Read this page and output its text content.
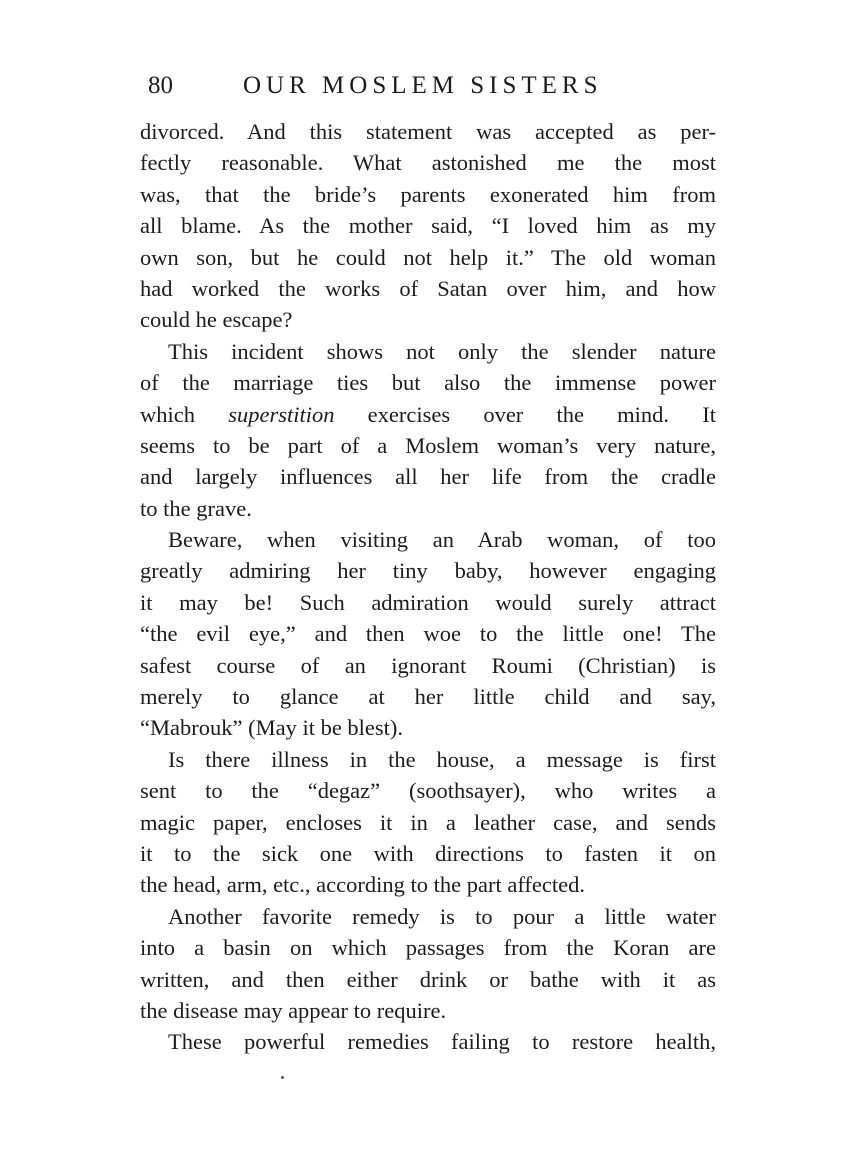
80	OUR MOSLEM SISTERS
divorced. And this statement was accepted as per-
fectly reasonable. What astonished me the most
was, that the bride’s parents exonerated him from
all blame. As the mother said, “I loved him as my
own son, but he could not help it.” The old woman
had worked the works of Satan over him, and how
could he escape?
This incident shows not only the slender nature
of the marriage ties but also the immense power
which superstition exercises over the mind. It
seems to be part of a Moslem woman’s very nature,
and largely influences all her life from the cradle
to the grave.
Beware, when visiting an Arab woman, of too
greatly admiring her tiny baby, however engaging
it may be! Such admiration would surely attract
“the evil eye,” and then woe to the little one! The
safest course of an ignorant Roumi (Christian) is
merely to glance at her little child and say,
“Mabrouk” (May it be blest).
Is there illness in the house, a message is first
sent to the “degaz” (soothsayer), who writes a
magic paper, encloses it in a leather case, and sends
it to the sick one with directions to fasten it on
the head, arm, etc., according to the part affected.
Another favorite remedy is to pour a little water
into a basin on which passages from the Koran are
written, and then either drink or bathe with it as
the disease may appear to require.
These powerful remedies failing to restore health,
